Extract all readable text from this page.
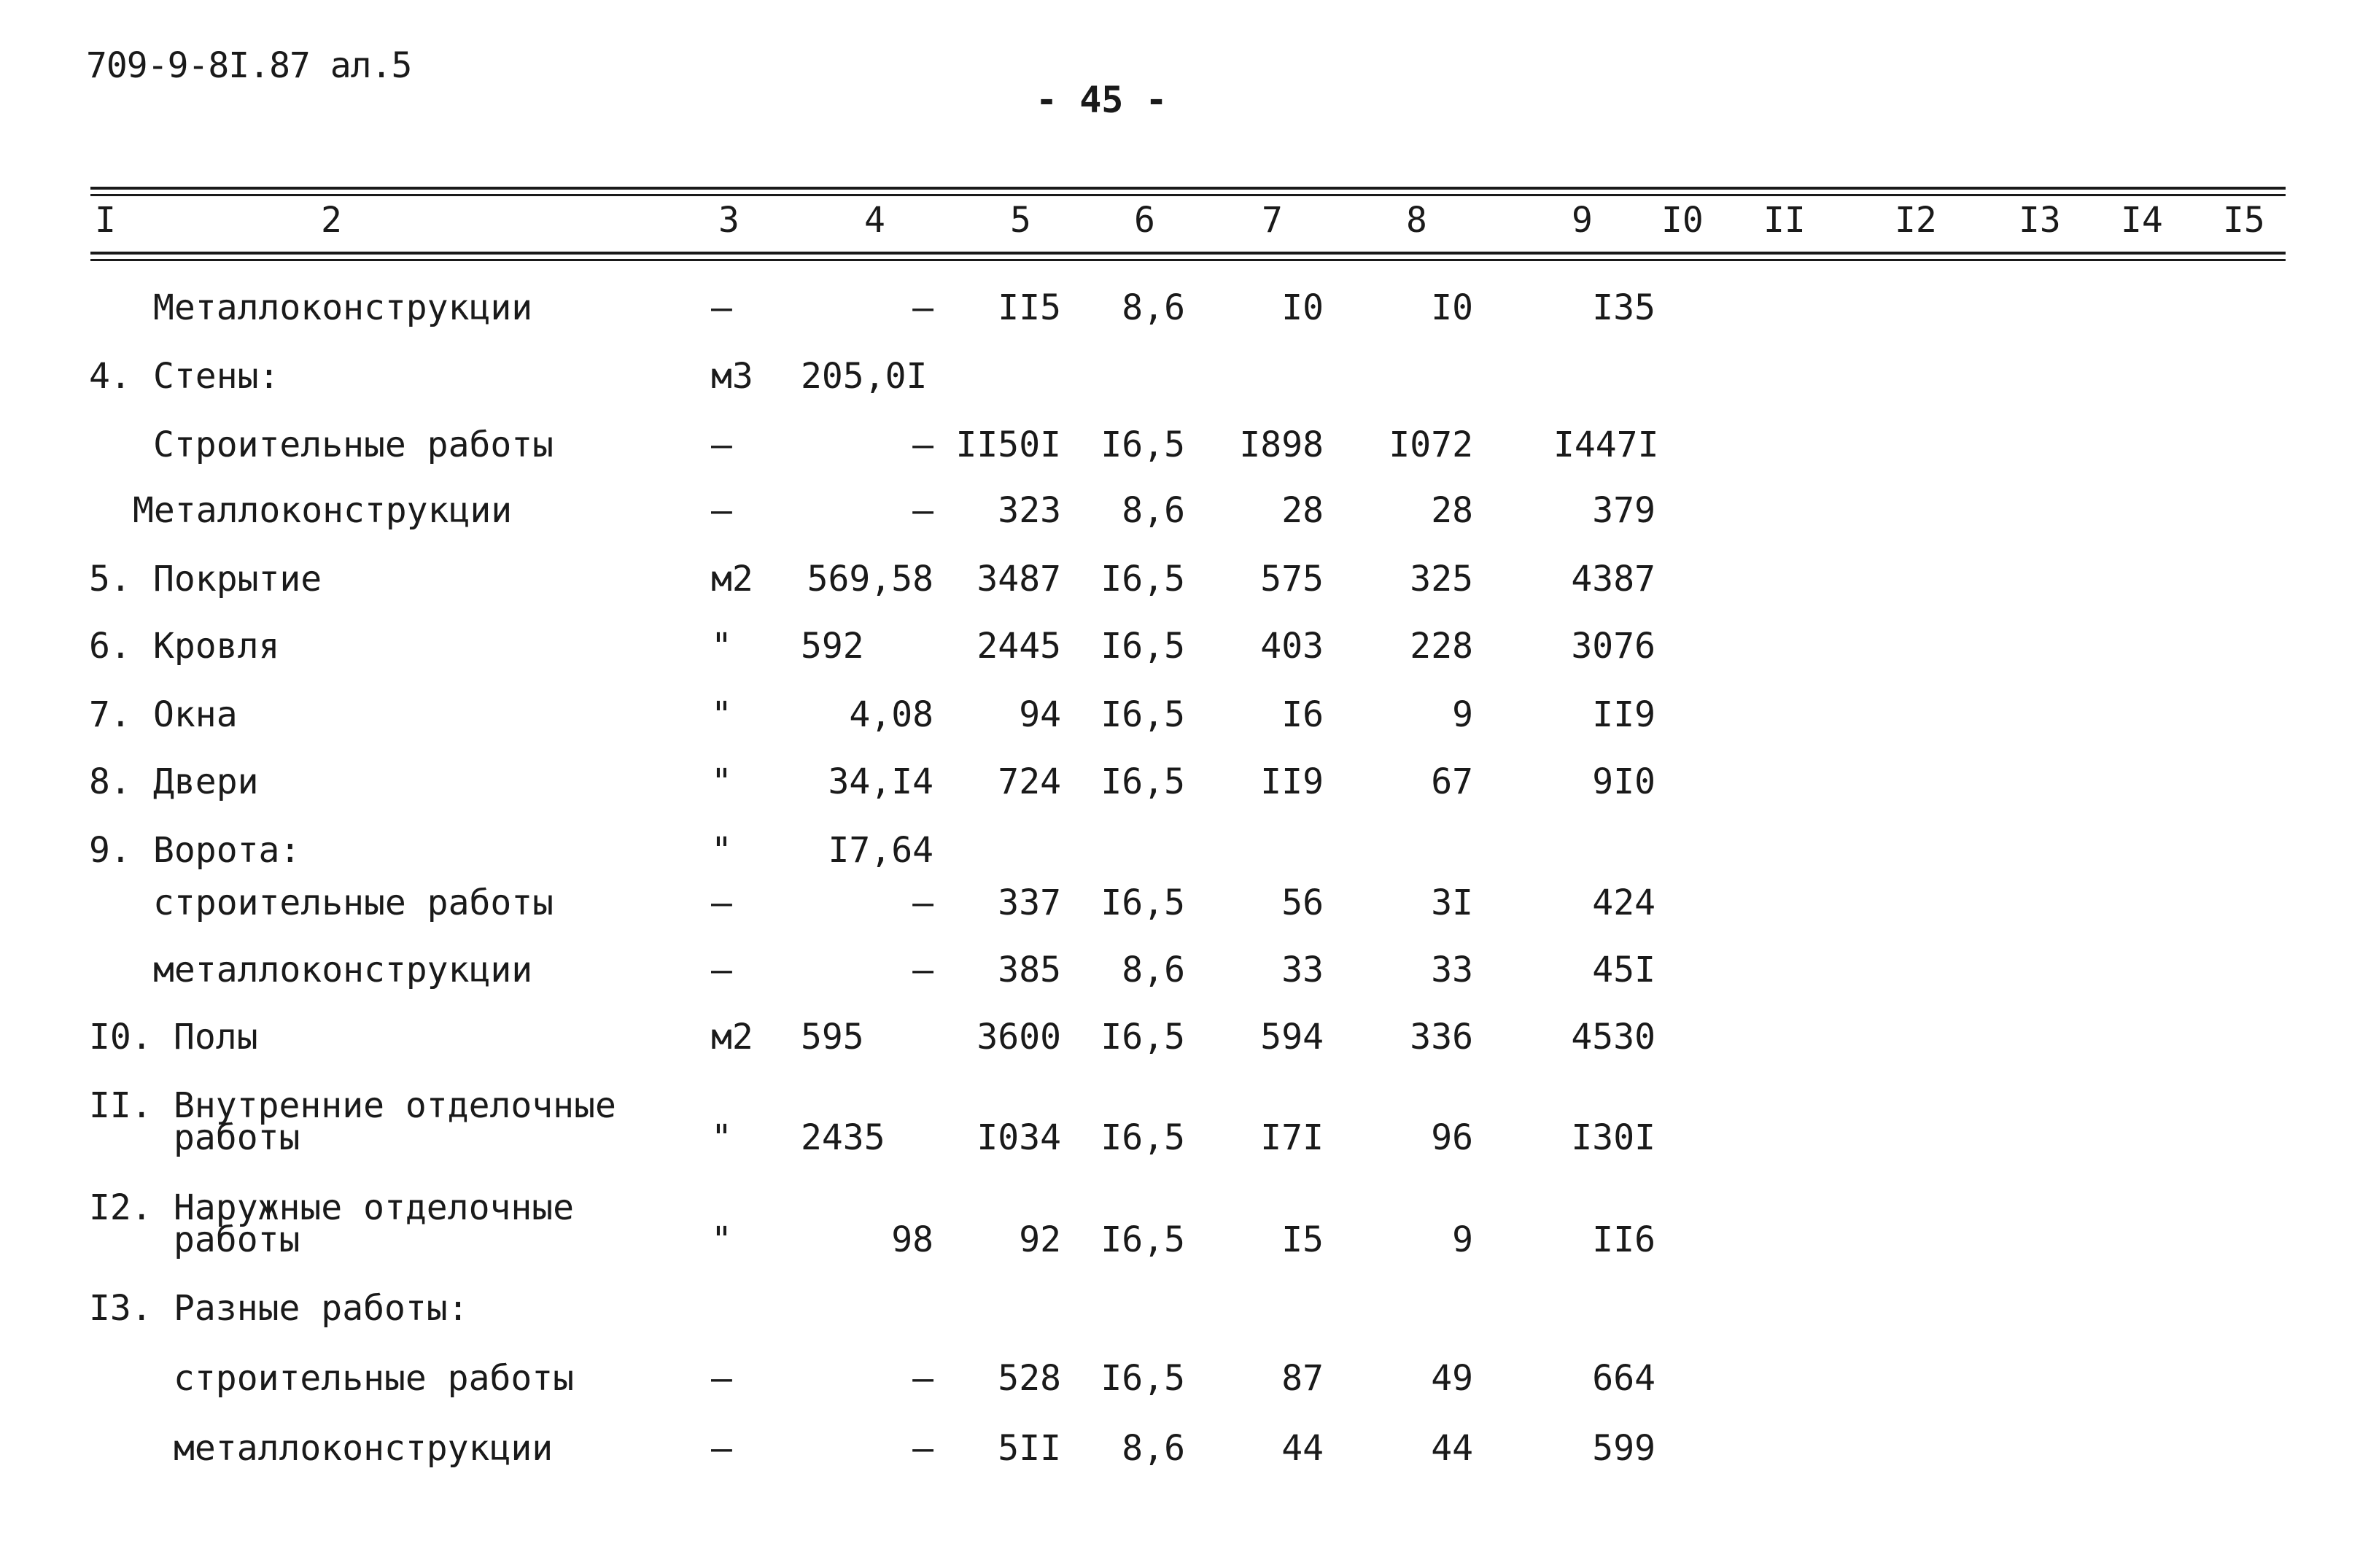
709-9-8I.87 ал.5
- 45 -
I	2	3	4	5	6	7	8	9 I0 II	I2 I3 I4 I5
Металлоконструкции	–	–	II5	8,6	I0	I0	I35
4. Стены:	м3 205,0I
Строительные работы	–	– II50I	I6,5	I898	I072 I447I
Металлоконструкции	–	–	323	8,6	28	28	379
5. Покрытие	м2	569,58	3487	I6,5	575	325	4387
6. Кровля	"	592	2445	I6,5	403	228	3076
7. Окна	"	4,08	94	I6,5	I6	9	II9
8. Двери	"	34,I4	724	I6,5	II9	67	9I0
9. Ворота:	"	I7,64
строительные работы	–	–	337	I6,5	56	3I	424
металлоконструкции	–	–	385	8,6	33	33	45I
I0. Полы	м2 595	3600	I6,5	594	336	4530
II. Внутренние отделочные
работы	"	2435	I034	I6,5	I7I	96	I30I
I2. Наружные отделочные
работы	"	98	92	I6,5	I5	9	II6
I3. Разные работы:
строительные работы	–	–	528	I6,5	87	49	664
металлоконструкции	–	–	5II	8,6	44	44	599
